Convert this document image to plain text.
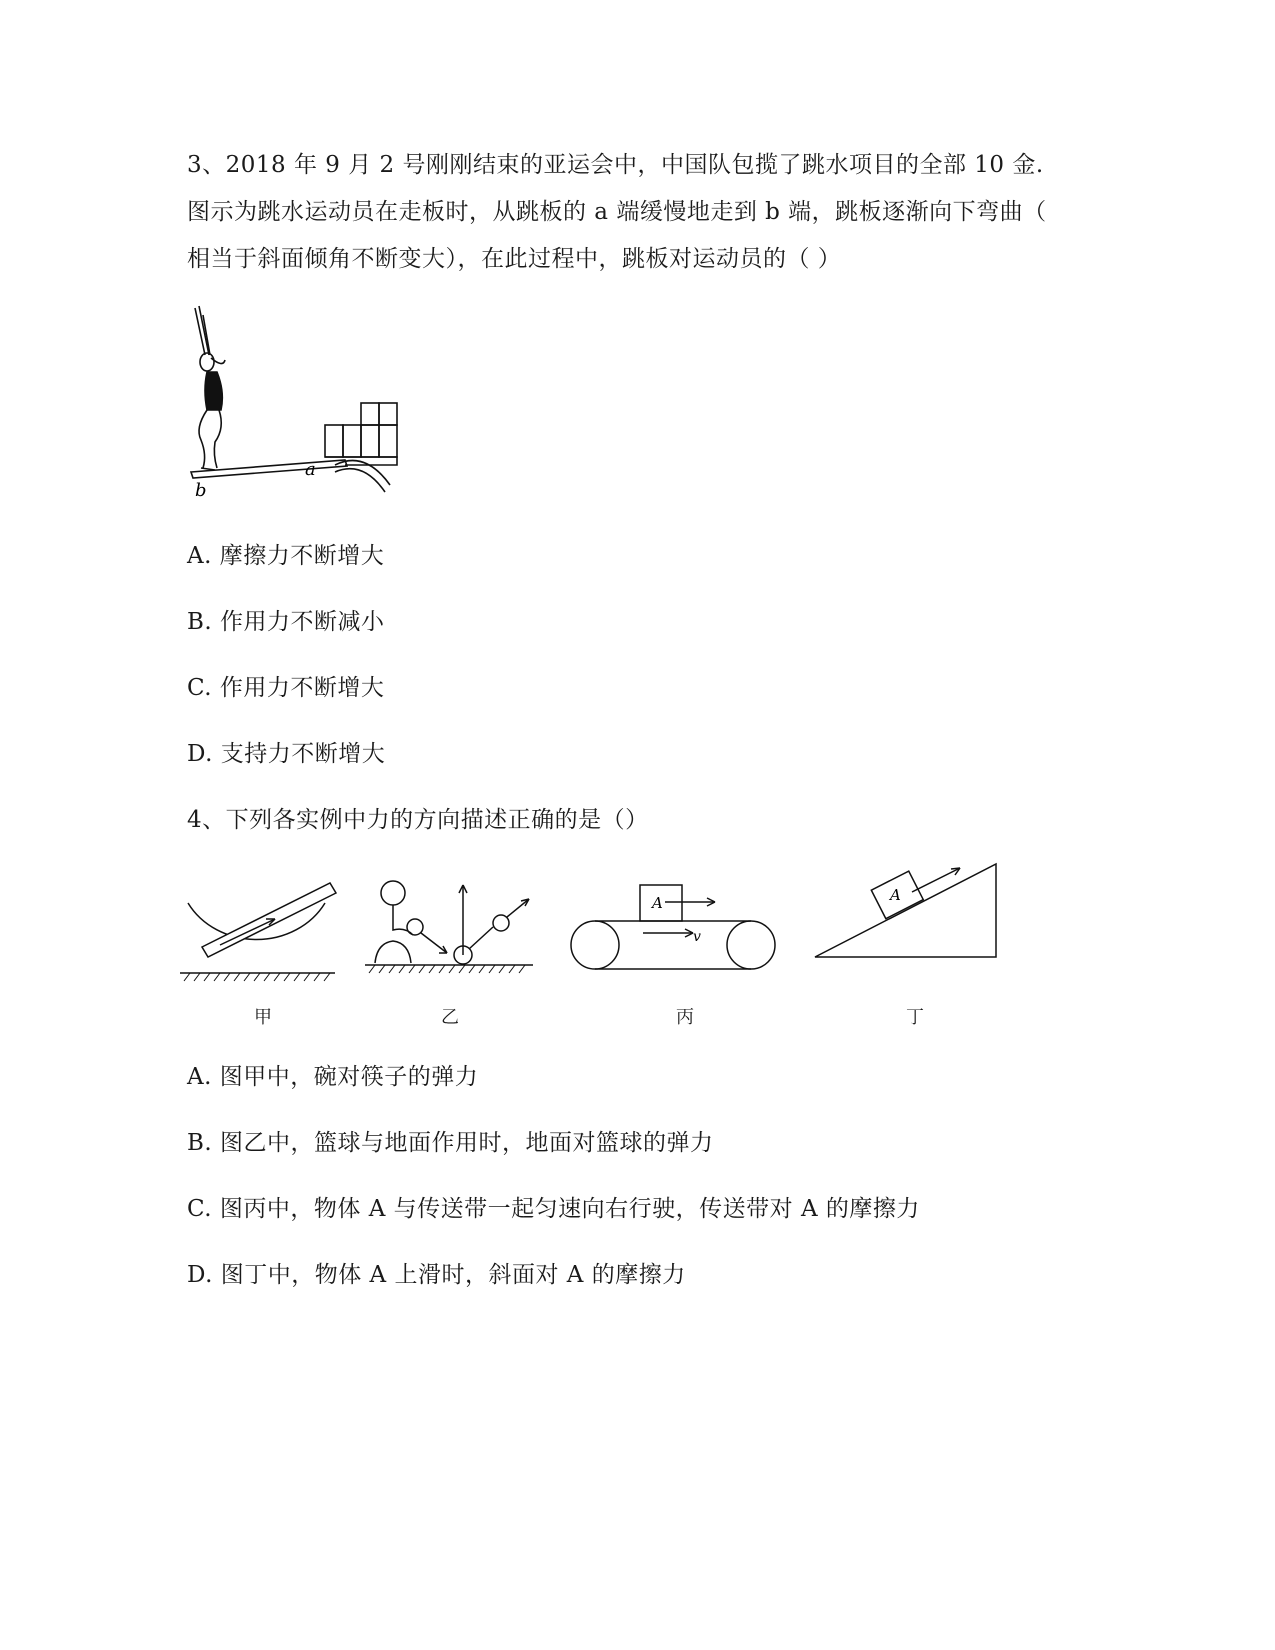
3、2018 年 9 月 2 号刚刚结束的亚运会中，中国队包揽了跳水项目的全部 10 金.
图示为跳水运动员在走板时，从跳板的 a 端缓慢地走到 b 端，跳板逐渐向下弯曲（
相当于斜面倾角不断变大），在此过程中，跳板对运动员的（ ）
a
b
A. 摩擦力不断增大
B. 作用力不断减小
C. 作用力不断增大
D. 支持力不断增大
4、下列各实例中力的方向描述正确的是（）
甲	乙
A
v
丙
A
丁
A. 图甲中，碗对筷子的弹力
B. 图乙中，篮球与地面作用时，地面对篮球的弹力
C. 图丙中，物体 A 与传送带一起匀速向右行驶，传送带对 A 的摩擦力
D. 图丁中，物体 A 上滑时，斜面对 A 的摩擦力
